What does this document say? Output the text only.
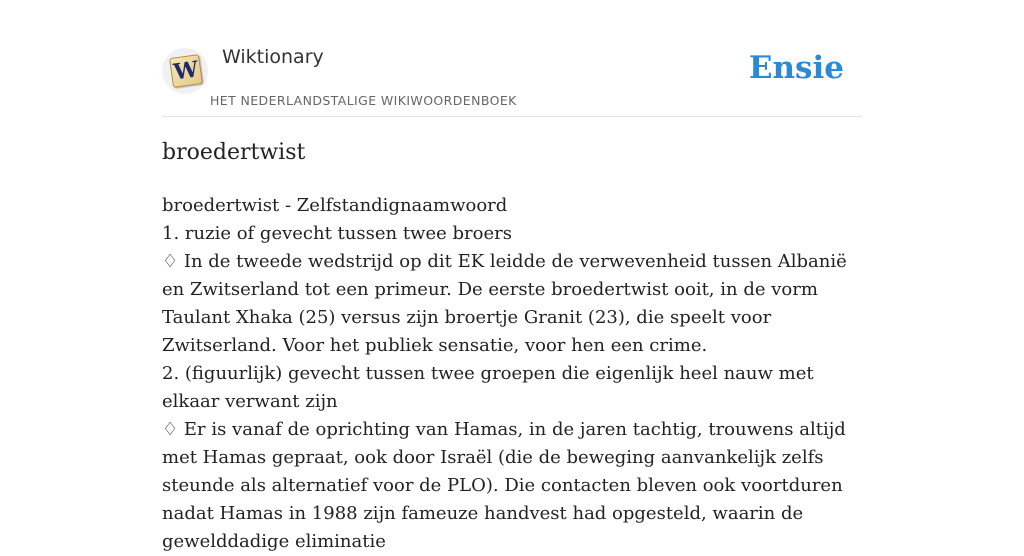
W Wiktionary
HET NEDERLANDSTALIGE WIKIWOORDENBOEK
Ensie
broedertwist

broedertwist - Zelfstandignaamwoord

1. ruzie of gevecht tussen twee broers

♢ In de tweede wedstrijd op dit EK leidde de verwevenheid tussen Albanië en Zwitserland tot een primeur. De eerste broedertwist ooit, in de vorm Taulant Xhaka (25) versus zijn broertje Granit (23), die speelt voor Zwitserland. Voor het publiek sensatie, voor hen een crime.

2. (figuurlijk) gevecht tussen twee groepen die eigenlijk heel nauw met elkaar verwant zijn

♢ Er is vanaf de oprichting van Hamas, in de jaren tachtig, trouwens altijd met Hamas gepraat, ook door Israël (die de beweging aanvankelijk zelfs steunde als alternatief voor de PLO). Die contacten bleven ook voortduren nadat Hamas in 1988 zijn fameuze handvest had opgesteld, waarin de gewelddadige eliminatie
